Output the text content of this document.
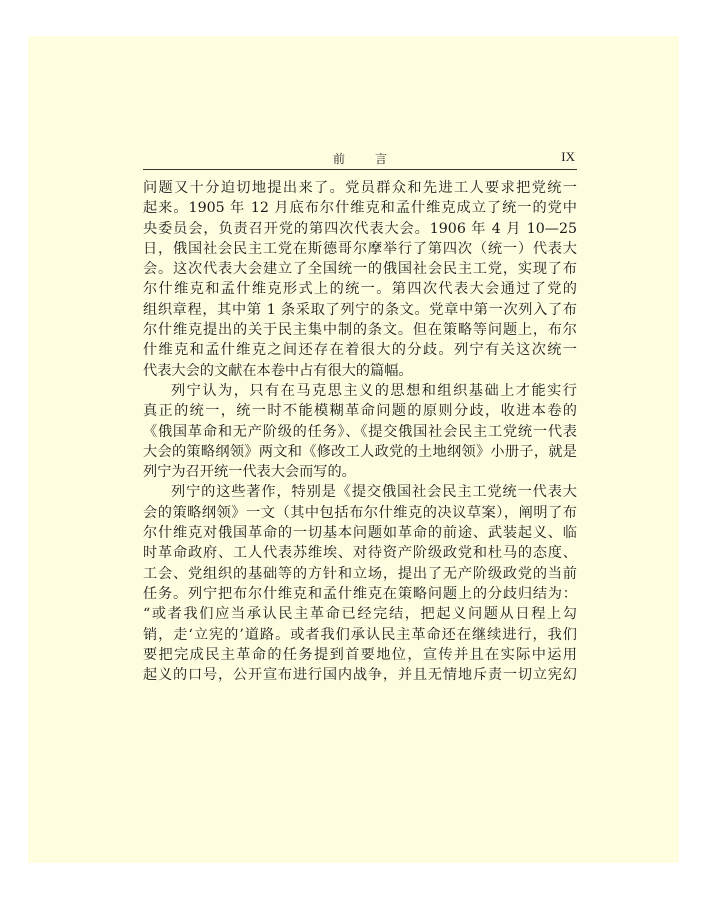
前言	IX
问题又十分迫切地提出来了。党员群众和先进工人要求把党统一
起来。1905 年 12 月底布尔什维克和孟什维克成立了统一的党中
央委员会，负责召开党的第四次代表大会。1906 年 4 月 10—25
日，俄国社会民主工党在斯德哥尔摩举行了第四次（统一）代表大
会。这次代表大会建立了全国统一的俄国社会民主工党，实现了布
尔什维克和孟什维克形式上的统一。第四次代表大会通过了党的
组织章程，其中第 1 条采取了列宁的条文。党章中第一次列入了布
尔什维克提出的关于民主集中制的条文。但在策略等问题上，布尔
什维克和孟什维克之间还存在着很大的分歧。列宁有关这次统一
代表大会的文献在本卷中占有很大的篇幅。
列宁认为，只有在马克思主义的思想和组织基础上才能实行
真正的统一，统一时不能模糊革命问题的原则分歧，收进本卷的
《俄国革命和无产阶级的任务》、《提交俄国社会民主工党统一代表
大会的策略纲领》两文和《修改工人政党的土地纲领》小册子，就是
列宁为召开统一代表大会而写的。
列宁的这些著作，特别是《提交俄国社会民主工党统一代表大
会的策略纲领》一文（其中包括布尔什维克的决议草案），阐明了布
尔什维克对俄国革命的一切基本问题如革命的前途、武装起义、临
时革命政府、工人代表苏维埃、对待资产阶级政党和杜马的态度、
工会、党组织的基础等的方针和立场，提出了无产阶级政党的当前
任务。列宁把布尔什维克和孟什维克在策略问题上的分歧归结为：
“或者我们应当承认民主革命已经完结，把起义问题从日程上勾
销，走‘立宪的’道路。或者我们承认民主革命还在继续进行，我们
要把完成民主革命的任务提到首要地位，宣传并且在实际中运用
起义的口号，公开宣布进行国内战争，并且无情地斥责一切立宪幻
